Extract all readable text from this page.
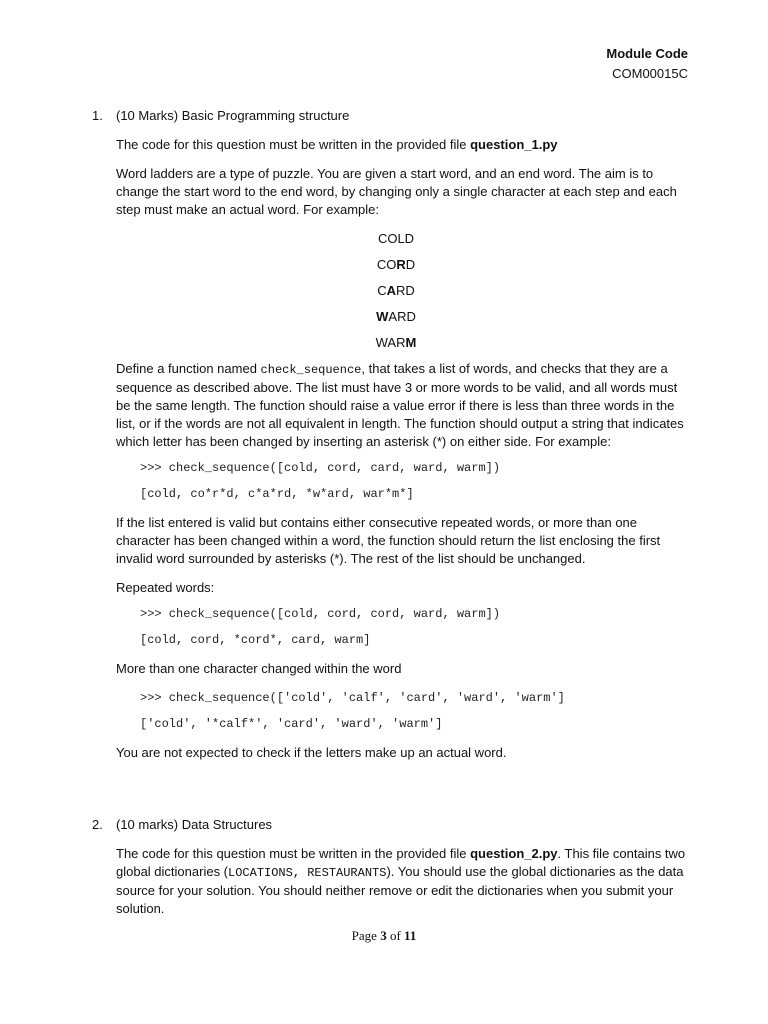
Module Code
COM00015C
1.	(10 Marks) Basic Programming structure

The code for this question must be written in the provided file question_1.py

Word ladders are a type of puzzle. You are given a start word, and an end word. The aim is to change the start word to the end word, by changing only a single character at each step and each step must make an actual word. For example:

COLD
CORD
CARD
WARD
WARM

Define a function named check_sequence, that takes a list of words, and checks that they are a sequence as described above. The list must have 3 or more words to be valid, and all words must be the same length. The function should raise a value error if there is less than three words in the list, or if the words are not all equivalent in length. The function should output a string that indicates which letter has been changed by inserting an asterisk (*) on either side. For example:

>>> check_sequence([cold, cord, card, ward, warm])
[cold, co*r*d, c*a*rd, *w*ard, war*m*]

If the list entered is valid but contains either consecutive repeated words, or more than one character has been changed within a word, the function should return the list enclosing the first invalid word surrounded by asterisks (*). The rest of the list should be unchanged.

Repeated words:

>>> check_sequence([cold, cord, cord, ward, warm])
[cold, cord, *cord*, card, warm]

More than one character changed within the word

>>> check_sequence(['cold', 'calf', 'card', 'ward', 'warm']
['cold', '*calf*', 'card', 'ward', 'warm']

You are not expected to check if the letters make up an actual word.

2.	(10 marks) Data Structures

The code for this question must be written in the provided file question_2.py. This file contains two global dictionaries (LOCATIONS, RESTAURANTS). You should use the global dictionaries as the data source for your solution. You should neither remove or edit the dictionaries when you submit your solution.

Page 3 of 11
